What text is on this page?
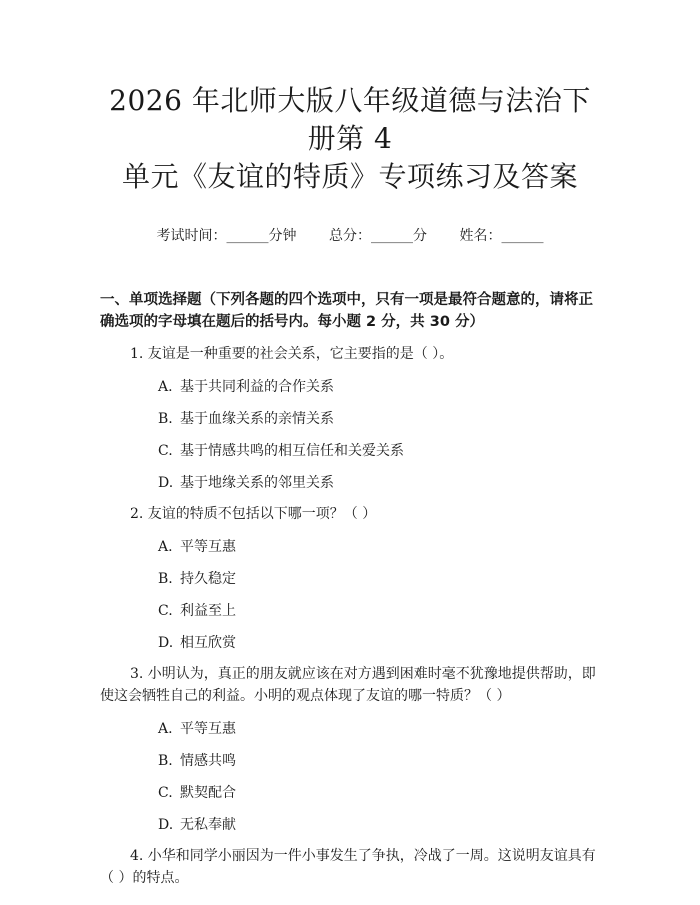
2026 年北师大版八年级道德与法治下册第 4
单元《友谊的特质》专项练习及答案
考试时间：______分钟 总分：______分 姓名：______
一、单项选择题（下列各题的四个选项中，只有一项是最符合题意的，请将正确选项的字母填在题后的括号内。每小题 2 分，共 30 分）
1. 友谊是一种重要的社会关系，它主要指的是（ ）。
A. 基于共同利益的合作关系
B. 基于血缘关系的亲情关系
C. 基于情感共鸣的相互信任和关爱关系
D. 基于地缘关系的邻里关系
2. 友谊的特质不包括以下哪一项？（ ）
A. 平等互惠
B. 持久稳定
C. 利益至上
D. 相互欣赏
3. 小明认为，真正的朋友就应该在对方遇到困难时毫不犹豫地提供帮助，即使这会牺牲自己的利益。小明的观点体现了友谊的哪一特质？（ ）
A. 平等互惠
B. 情感共鸣
C. 默契配合
D. 无私奉献
4. 小华和同学小丽因为一件小事发生了争执，冷战了一周。这说明友谊具有（ ）的特点。
